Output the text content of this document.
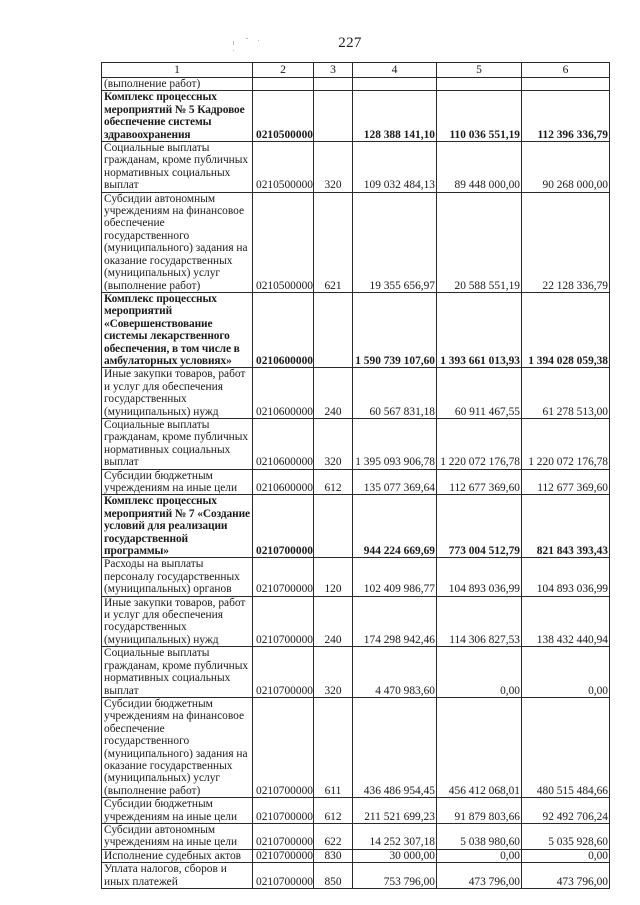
227
1	2	3	4	5	6
(выполнение работ)					
Комплекс процессных мероприятий № 5 Кадровое обеспечение системы здравоохранения	0210500000		128 388 141,10	110 036 551,19	112 396 336,79
Социальные выплаты гражданам, кроме публичных нормативных социальных выплат	0210500000	320	109 032 484,13	89 448 000,00	90 268 000,00
Субсидии автономным учреждениям на финансовое обеспечение государственного (муниципального) задания на оказание государственных (муниципальных) услуг (выполнение работ)	0210500000	621	19 355 656,97	20 588 551,19	22 128 336,79
Комплекс процессных мероприятий «Совершенствование системы лекарственного обеспечения, в том числе в амбулаторных условиях»	0210600000		1 590 739 107,60	1 393 661 013,93	1 394 028 059,38
Иные закупки товаров, работ и услуг для обеспечения государственных (муниципальных) нужд	0210600000	240	60 567 831,18	60 911 467,55	61 278 513,00
Социальные выплаты гражданам, кроме публичных нормативных социальных выплат	0210600000	320	1 395 093 906,78	1 220 072 176,78	1 220 072 176,78
Субсидии бюджетным учреждениям на иные цели	0210600000	612	135 077 369,64	112 677 369,60	112 677 369,60
Комплекс процессных мероприятий № 7 «Создание условий для реализации государственной программы»	0210700000		944 224 669,69	773 004 512,79	821 843 393,43
Расходы на выплаты персоналу государственных (муниципальных) органов	0210700000	120	102 409 986,77	104 893 036,99	104 893 036,99
Иные закупки товаров, работ и услуг для обеспечения государственных (муниципальных) нужд	0210700000	240	174 298 942,46	114 306 827,53	138 432 440,94
Социальные выплаты гражданам, кроме публичных нормативных социальных выплат	0210700000	320	4 470 983,60	0,00	0,00
Субсидии бюджетным учреждениям на финансовое обеспечение государственного (муниципального) задания на оказание государственных (муниципальных) услуг (выполнение работ)	0210700000	611	436 486 954,45	456 412 068,01	480 515 484,66
Субсидии бюджетным учреждениям на иные цели	0210700000	612	211 521 699,23	91 879 803,66	92 492 706,24
Субсидии автономным учреждениям на иные цели	0210700000	622	14 252 307,18	5 038 980,60	5 035 928,60
Исполнение судебных актов	0210700000	830	30 000,00	0,00	0,00
Уплата налогов, сборов и иных платежей	0210700000	850	753 796,00	473 796,00	473 796,00
